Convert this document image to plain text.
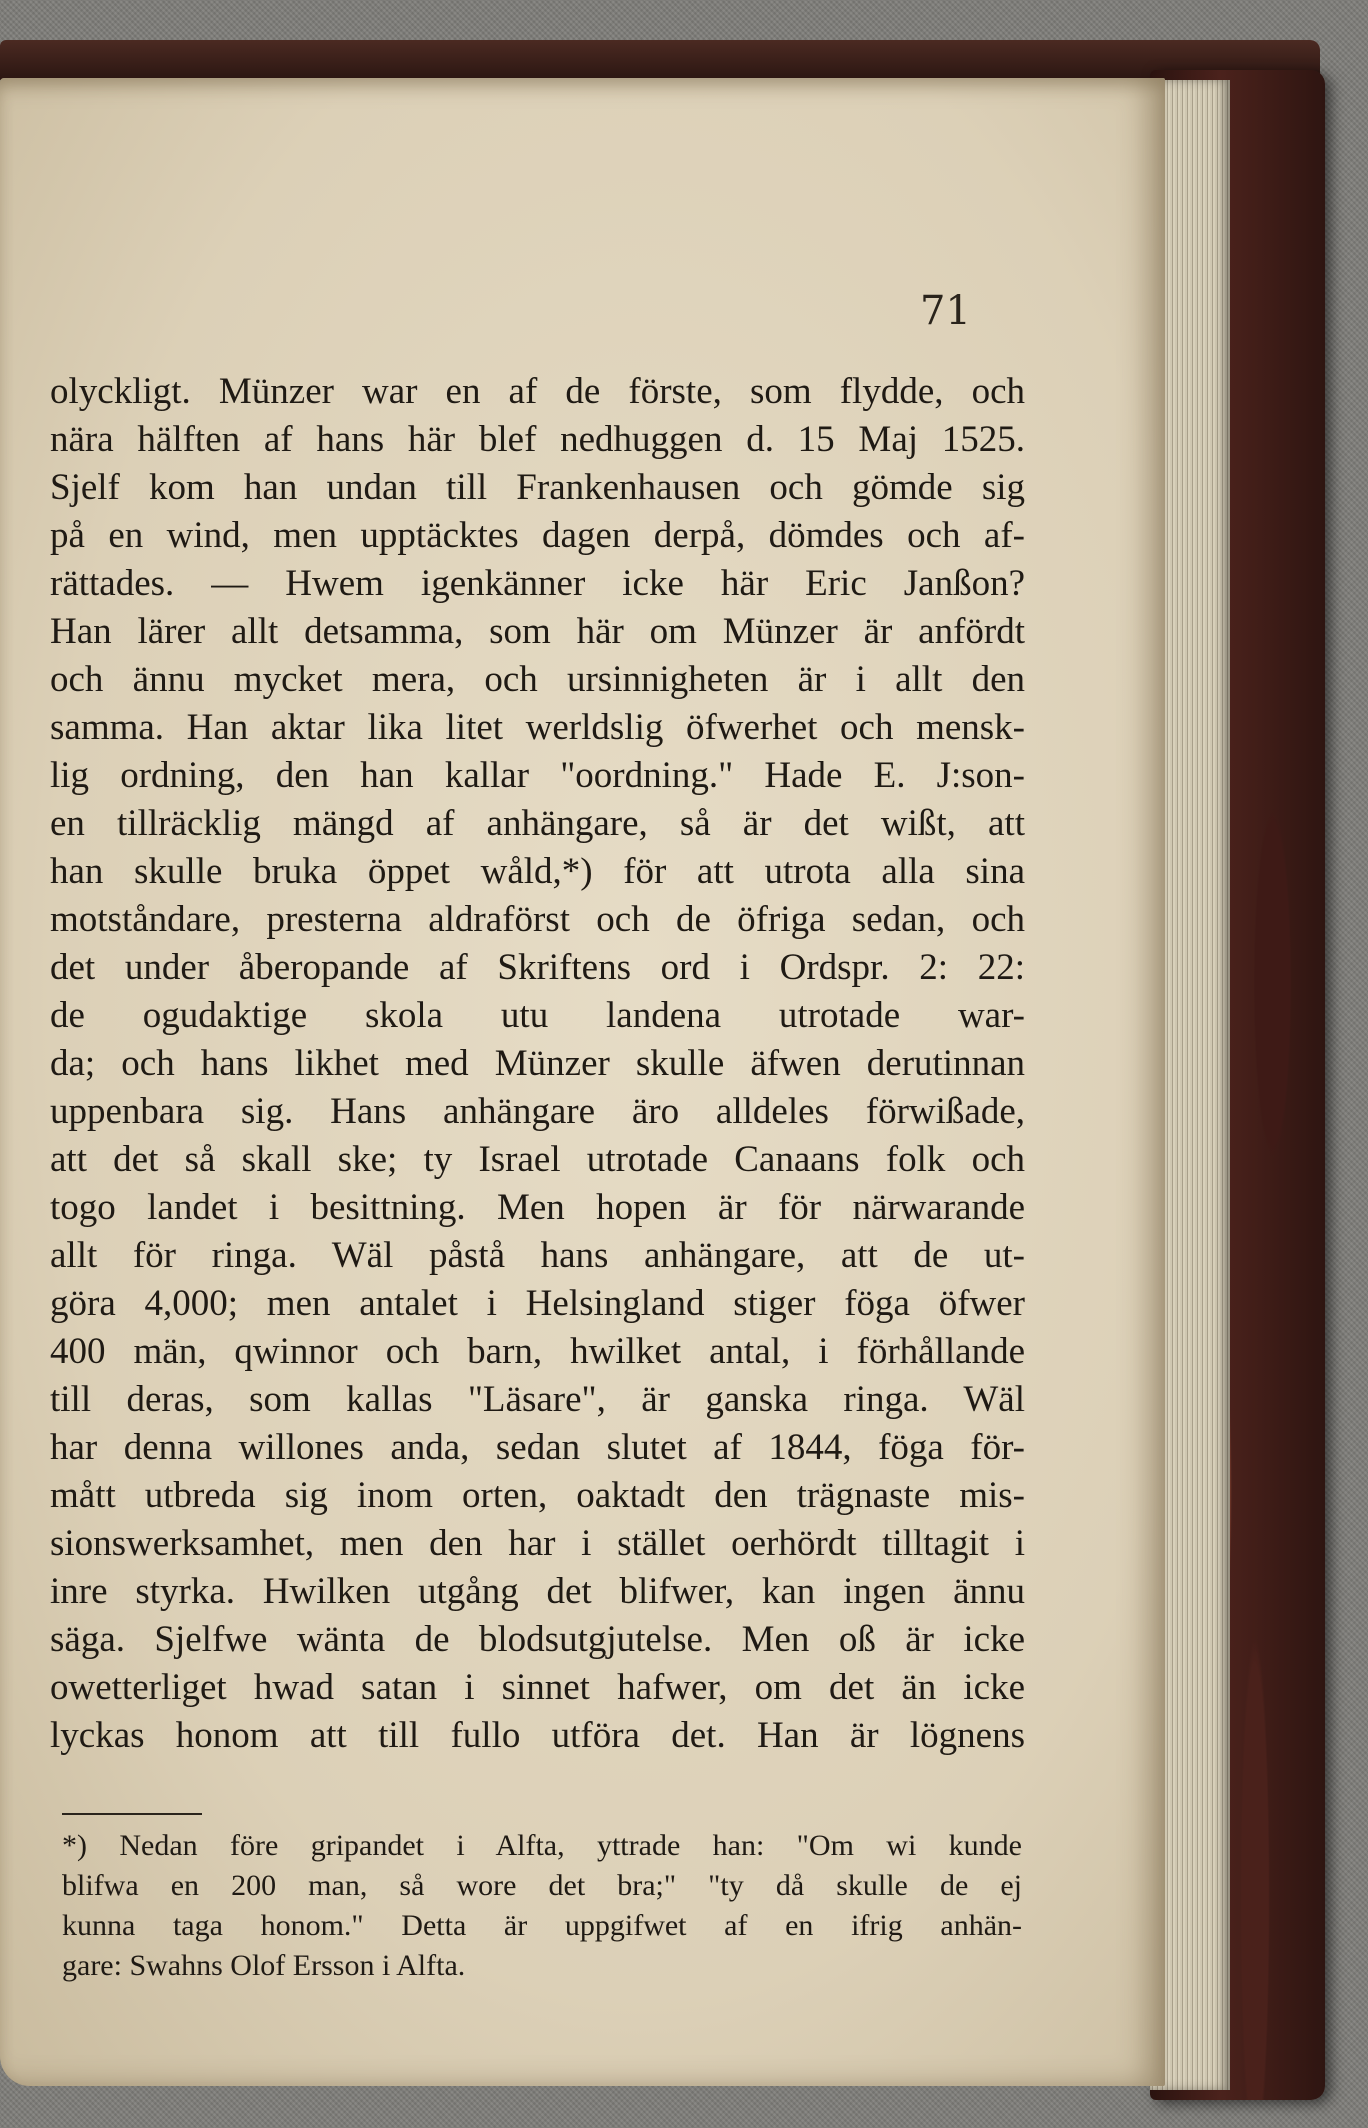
71
olyckligt. Münzer war en af de förste, som flydde, och
nära hälften af hans här blef nedhuggen d. 15 Maj 1525.
Sjelf kom han undan till Frankenhausen och gömde sig
på en wind, men upptäcktes dagen derpå, dömdes och af-
rättades. — Hwem igenkänner icke här Eric Janßon?
Han lärer allt detsamma, som här om Münzer är anfördt
och ännu mycket mera, och ursinnigheten är i allt den
samma. Han aktar lika litet werldslig öfwerhet och mensk-
lig ordning, den han kallar "oordning." Hade E. J:son-
en tillräcklig mängd af anhängare, så är det wißt, att
han skulle bruka öppet wåld,*) för att utrota alla sina
motståndare, presterna aldraförst och de öfriga sedan, och
det under åberopande af Skriftens ord i Ordspr. 2: 22:
de ogudaktige skola utu landena utrotade war-
da; och hans likhet med Münzer skulle äfwen derutinnan
uppenbara sig. Hans anhängare äro alldeles förwißade,
att det så skall ske; ty Israel utrotade Canaans folk och
togo landet i besittning. Men hopen är för närwarande
allt för ringa. Wäl påstå hans anhängare, att de ut-
göra 4,000; men antalet i Helsingland stiger föga öfwer
400 män, qwinnor och barn, hwilket antal, i förhållande
till deras, som kallas "Läsare", är ganska ringa. Wäl
har denna willones anda, sedan slutet af 1844, föga för-
mått utbreda sig inom orten, oaktadt den trägnaste mis-
sionswerksamhet, men den har i stället oerhördt tilltagit i
inre styrka. Hwilken utgång det blifwer, kan ingen ännu
säga. Sjelfwe wänta de blodsutgjutelse. Men oß är icke
owetterliget hwad satan i sinnet hafwer, om det än icke
lyckas honom att till fullo utföra det. Han är lögnens
*) Nedan före gripandet i Alfta, yttrade han: "Om wi kunde
blifwa en 200 man, så wore det bra;" "ty då skulle de ej
kunna taga honom." Detta är uppgifwet af en ifrig anhän-
gare: Swahns Olof Ersson i Alfta.
